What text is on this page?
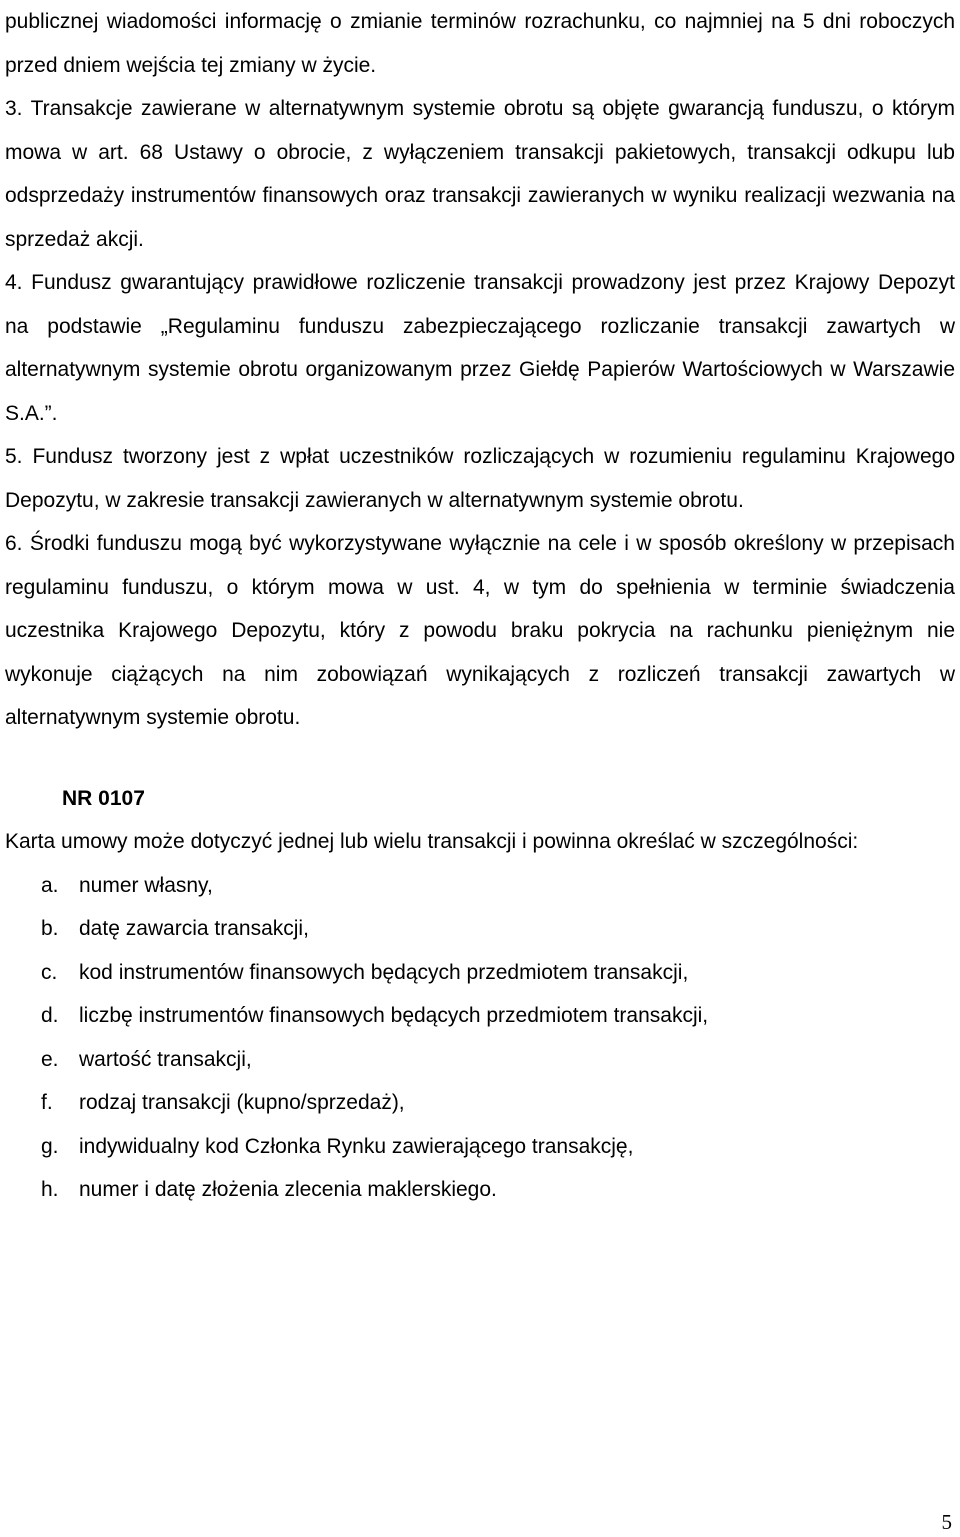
publicznej wiadomości informację o zmianie terminów rozrachunku, co najmniej na 5 dni roboczych przed dniem wejścia tej zmiany w życie.

3. Transakcje zawierane w alternatywnym systemie obrotu są objęte gwarancją funduszu, o którym mowa w art. 68 Ustawy o obrocie, z wyłączeniem transakcji pakietowych, transakcji odkupu lub odsprzedaży instrumentów finansowych oraz transakcji zawieranych w wyniku realizacji wezwania na sprzedaż akcji.

4. Fundusz gwarantujący prawidłowe rozliczenie transakcji prowadzony jest przez Krajowy Depozyt na podstawie „Regulaminu funduszu zabezpieczającego rozliczanie transakcji zawartych w alternatywnym systemie obrotu organizowanym przez Giełdę Papierów Wartościowych w Warszawie S.A.”.

5. Fundusz tworzony jest z wpłat uczestników rozliczających w rozumieniu regulaminu Krajowego Depozytu, w zakresie transakcji zawieranych w alternatywnym systemie obrotu.

6. Środki funduszu mogą być wykorzystywane wyłącznie na cele i w sposób określony w przepisach regulaminu funduszu, o którym mowa w ust. 4, w tym do spełnienia w terminie świadczenia uczestnika Krajowego Depozytu, który z powodu braku pokrycia na rachunku pieniężnym nie wykonuje ciążących na nim zobowiązań wynikających z rozliczeń transakcji zawartych w alternatywnym systemie obrotu.

NR 0107

Karta umowy może dotyczyć jednej lub wielu transakcji i powinna określać w szczególności:

a. numer własny,
b. datę zawarcia transakcji,
c.	kod instrumentów finansowych będących przedmiotem transakcji,
d. liczbę instrumentów finansowych będących przedmiotem transakcji,
e. wartość transakcji,
f.	rodzaj transakcji (kupno/sprzedaż),
g. indywidualny kod Członka Rynku zawierającego transakcję,
h. numer i datę złożenia zlecenia maklerskiego.
5
